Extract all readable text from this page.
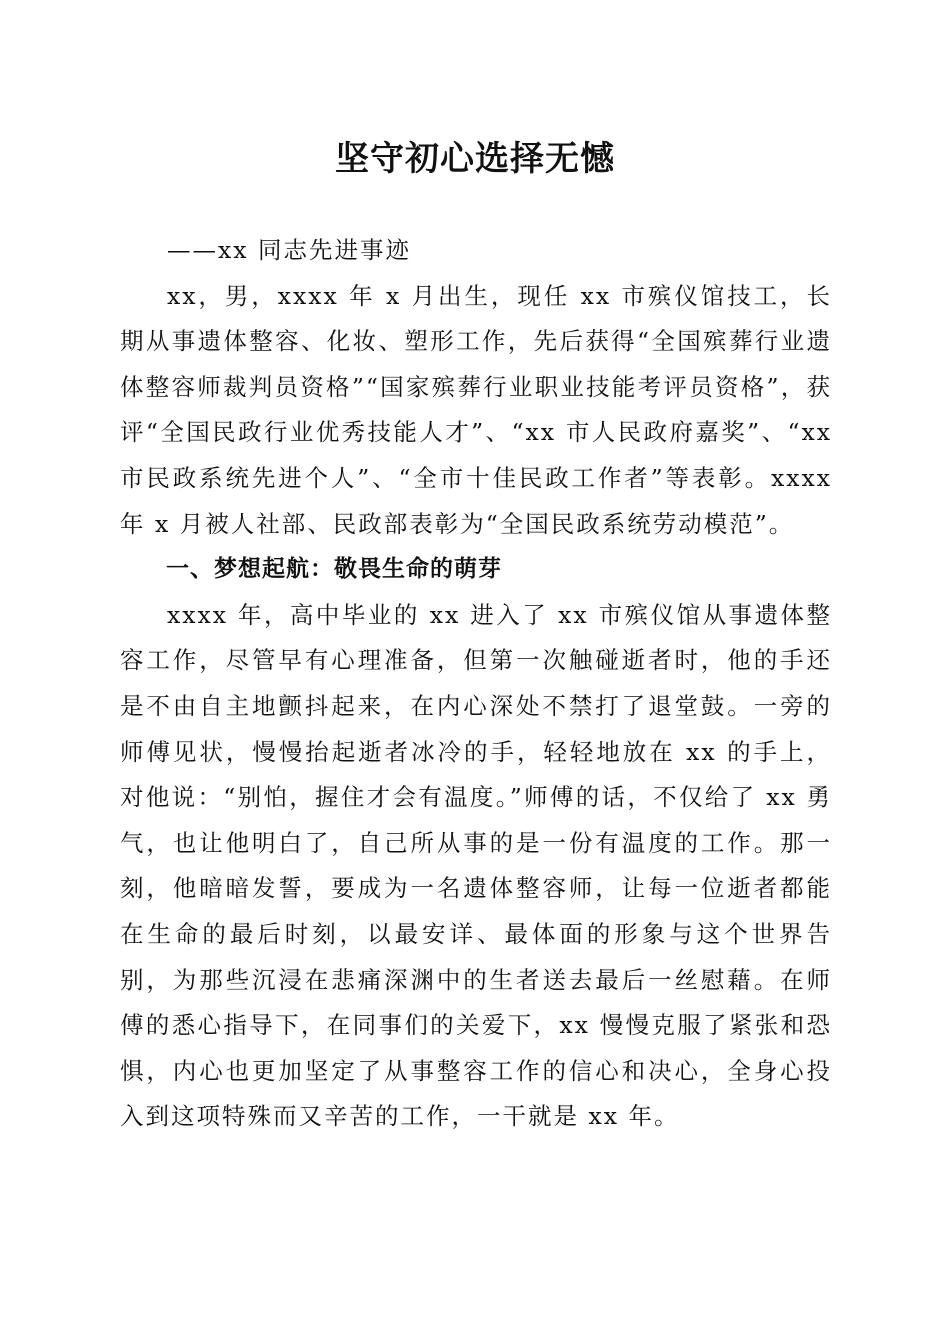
坚守初心选择无憾

——xx 同志先进事迹

xx，男，xxxx 年 x 月出生，现任 xx 市殡仪馆技工，长期从事遗体整容、化妆、塑形工作，先后获得“全国殡葬行业遗体整容师裁判员资格”“国家殡葬行业职业技能考评员资格”，获评“全国民政行业优秀技能人才”、“xx 市人民政府嘉奖”、“xx 市民政系统先进个人”、“全市十佳民政工作者”等表彰。xxxx 年 x 月被人社部、民政部表彰为“全国民政系统劳动模范”。

一、梦想起航：敬畏生命的萌芽

xxxx 年，高中毕业的 xx 进入了 xx 市殡仪馆从事遗体整容工作，尽管早有心理准备，但第一次触碰逝者时，他的手还是不由自主地颤抖起来，在内心深处不禁打了退堂鼓。一旁的师傅见状，慢慢抬起逝者冰冷的手，轻轻地放在 xx 的手上，对他说：“别怕，握住才会有温度。”师傅的话，不仅给了 xx 勇气，也让他明白了，自己所从事的是一份有温度的工作。那一刻，他暗暗发誓，要成为一名遗体整容师，让每一位逝者都能在生命的最后时刻，以最安详、最体面的形象与这个世界告别，为那些沉浸在悲痛深渊中的生者送去最后一丝慰藉。在师傅的悉心指导下，在同事们的关爱下，xx 慢慢克服了紧张和恐惧，内心也更加坚定了从事整容工作的信心和决心，全身心投入到这项特殊而又辛苦的工作，一干就是 xx 年。
